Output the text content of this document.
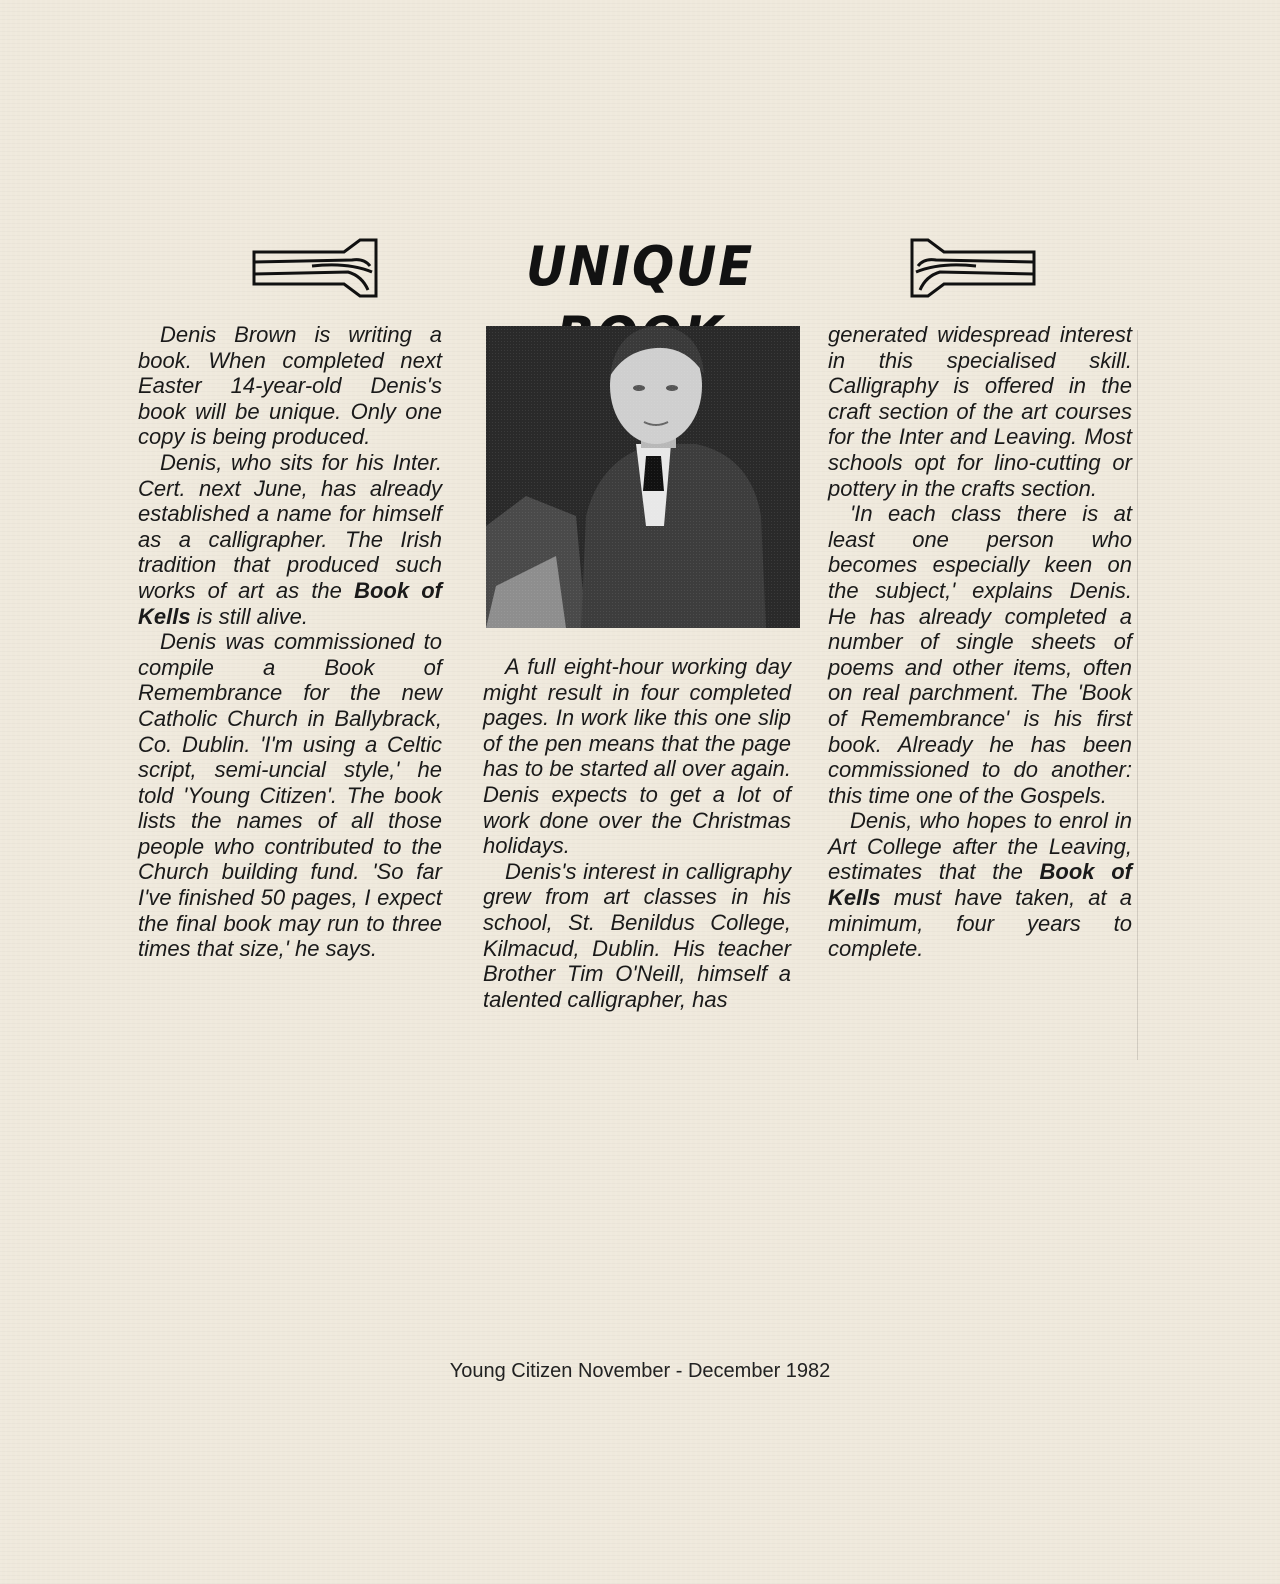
UNIQUE

Denis Brown is writing a book. When completed next Easter 14-year-old Denis's book will be unique. Only one copy is being produced.

Denis, who sits for his Inter. Cert. next June, has already established a name for himself as a calligrapher. The Irish tradition that produced such works of art as the Book of Kells is still alive.

Denis was commissioned to compile a Book of Remembrance for the new Catholic Church in Ballybrack, Co. Dublin. 'I'm using a Celtic script, semi-uncial style,' he told 'Young Citizen'. The book lists the names of all those people who contributed to the Church building fund. 'So far I've finished 50 pages, I expect the final book may run to three times that size,' he says.

A full eight-hour working day might result in four completed pages. In work like this one slip of the pen means that the page has to be started all over again. Denis expects to get a lot of work done over the Christmas holidays.

Denis's interest in calligraphy grew from art classes in his school, St. Benildus College, Kilmacud, Dublin. His teacher Brother Tim O'Neill, himself a talented calligrapher, has

generated widespread interest in this specialised skill. Calligraphy is offered in the craft section of the art courses for the Inter and Leaving. Most schools opt for lino-cutting or pottery in the crafts section.

'In each class there is at least one person who becomes especially keen on the subject,' explains Denis. He has already completed a number of single sheets of poems and other items, often on real parchment. The 'Book of Remembrance' is his first book. Already he has been commissioned to do another: this time one of the Gospels.

Denis, who hopes to enrol in Art College after the Leaving, estimates that the Book of Kells must have taken, at a minimum, four years to complete.

Young Citizen November - December 1982
